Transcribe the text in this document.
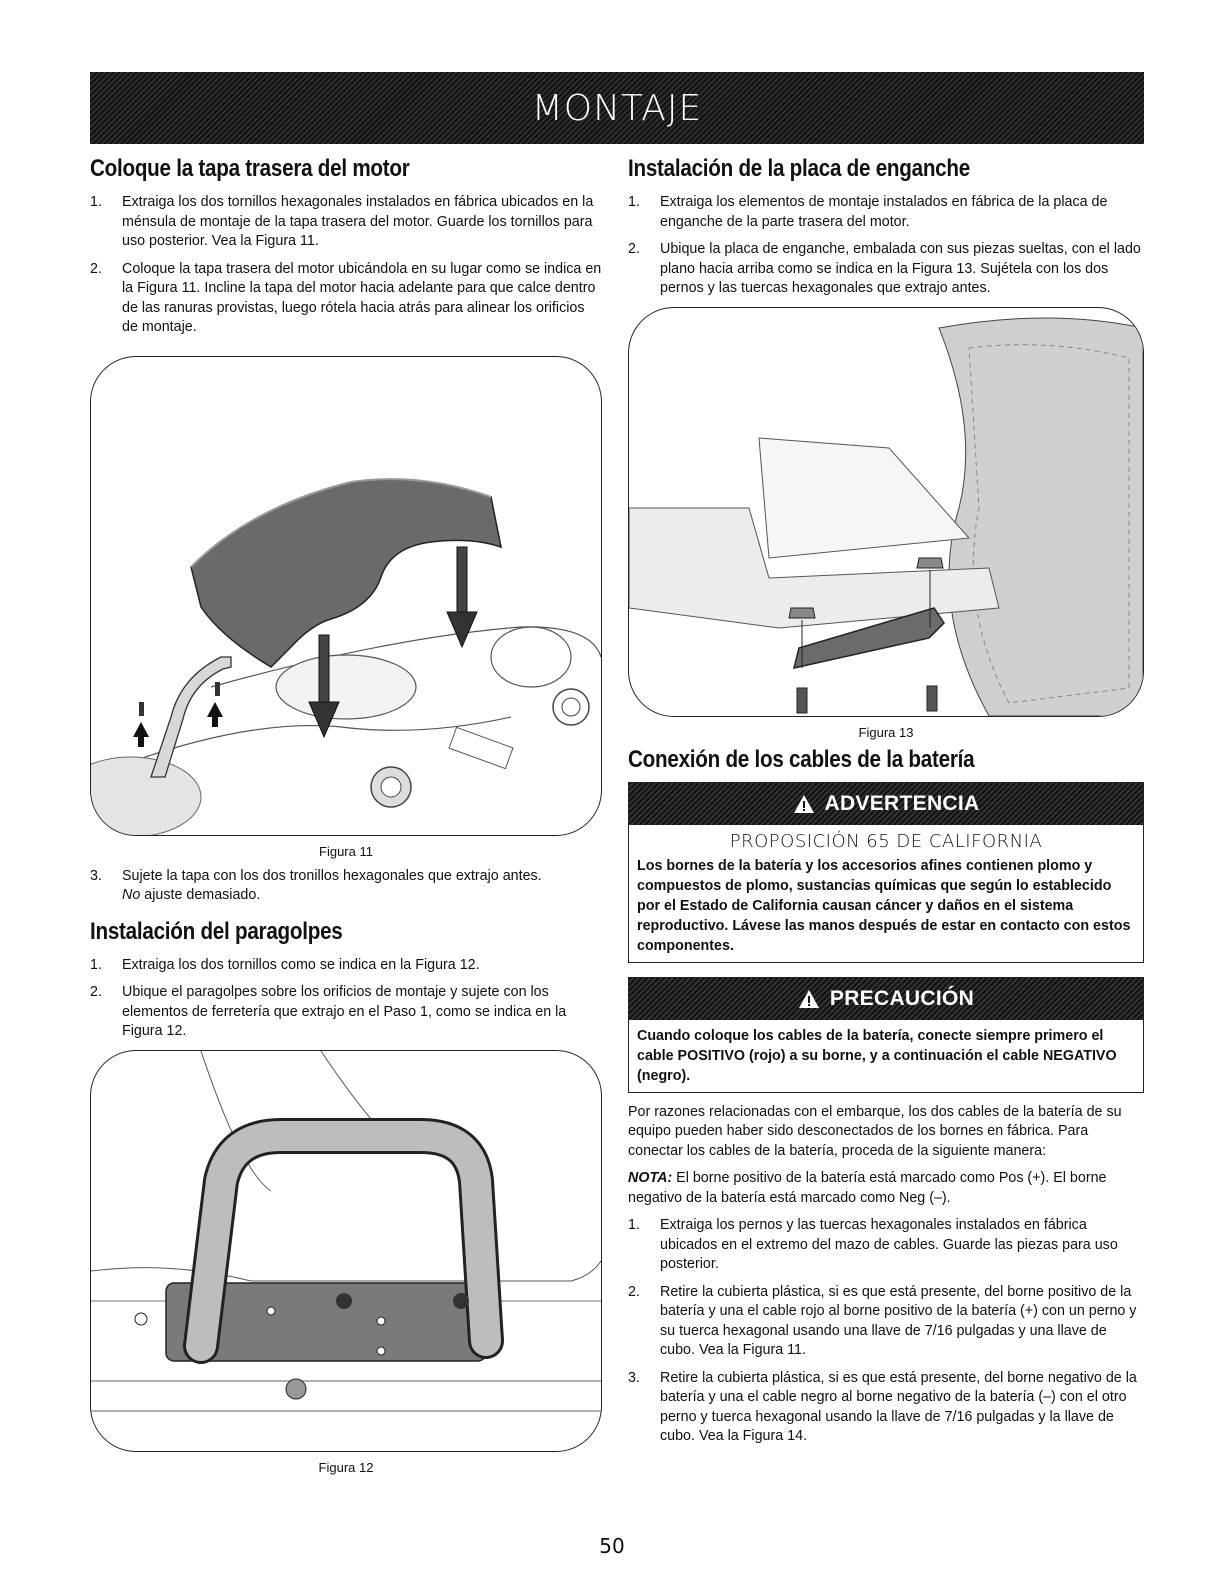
MONTAJE
Coloque la tapa trasera del motor
1. Extraiga los dos tornillos hexagonales instalados en fábrica ubicados en la ménsula de montaje de la tapa trasera del motor. Guarde los tornillos para uso posterior. Vea la Figura 11.
2. Coloque la tapa trasera del motor ubicándola en su lugar como se indica en la Figura 11. Incline la tapa del motor hacia adelante para que calce dentro de las ranuras provistas, luego rótela hacia atrás para alinear los orificios de montaje.
Figura 11
3. Sujete la tapa con los dos tronillos hexagonales que extrajo antes.
No ajuste demasiado.
Instalación del paragolpes
1. Extraiga los dos tornillos como se indica en la Figura 12.
2. Ubique el paragolpes sobre los orificios de montaje y sujete con los elementos de ferretería que extrajo en el Paso 1, como se indica en la Figura 12.
Figura 12
Instalación de la placa de enganche
1. Extraiga los elementos de montaje instalados en fábrica de la placa de enganche de la parte trasera del motor.
2. Ubique la placa de enganche, embalada con sus piezas sueltas, con el lado plano hacia arriba como se indica en la Figura 13. Sujétela con los dos pernos y las tuercas hexagonales que extrajo antes.
Figura 13
Conexión de los cables de la batería
ADVERTENCIA
PROPOSICIÓN 65 DE CALIFORNIA
Los bornes de la batería y los accesorios afines contienen plomo y compuestos de plomo, sustancias químicas que según lo establecido por el Estado de California causan cáncer y daños en el sistema reproductivo. Lávese las manos después de estar en contacto con estos componentes.
PRECAUCIÓN
Cuando coloque los cables de la batería, conecte siempre primero el cable POSITIVO (rojo) a su borne, y a continuación el cable NEGATIVO (negro).

Por razones relacionadas con el embarque, los dos cables de la batería de su equipo pueden haber sido desconectados de los bornes en fábrica. Para conectar los cables de la batería, proceda de la siguiente manera:

NOTA: El borne positivo de la batería está marcado como Pos (+). El borne negativo de la batería está marcado como Neg (–).

1. Extraiga los pernos y las tuercas hexagonales instalados en fábrica ubicados en el extremo del mazo de cables. Guarde las piezas para uso posterior.
2. Retire la cubierta plástica, si es que está presente, del borne positivo de la batería y una el cable rojo al borne positivo de la batería (+) con un perno y su tuerca hexagonal usando una llave de 7/16 pulgadas y una llave de cubo. Vea la Figura 11.
3. Retire la cubierta plástica, si es que está presente, del borne negativo de la batería y una el cable negro al borne negativo de la batería (–) con el otro perno y tuerca hexagonal usando la llave de 7/16 pulgadas y la llave de cubo. Vea la Figura 14.
50
